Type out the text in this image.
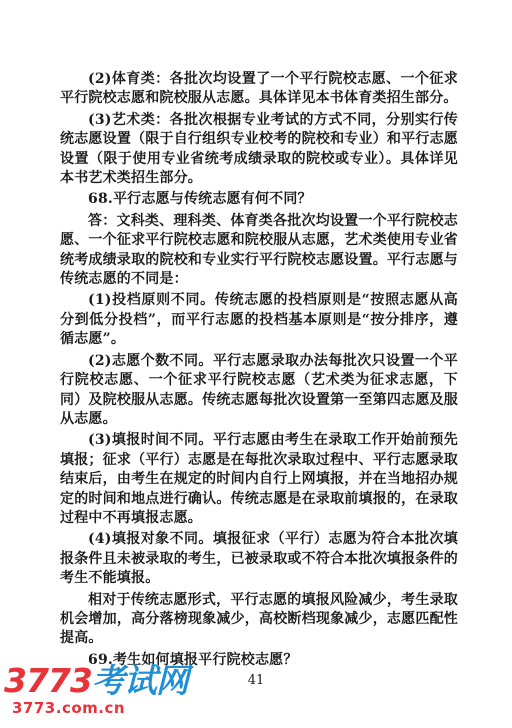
(2)体育类：各批次均设置了一个平行院校志愿、一个征求平行院校志愿和院校服从志愿。具体详见本书体育类招生部分。

(3)艺术类：各批次根据专业考试的方式不同，分别实行传统志愿设置（限于自行组织专业校考的院校和专业）和平行志愿设置（限于使用专业省统考成绩录取的院校或专业）。具体详见本书艺术类招生部分。

68.平行志愿与传统志愿有何不同？

答：文科类、理科类、体育类各批次均设置一个平行院校志愿、一个征求平行院校志愿和院校服从志愿，艺术类使用专业省统考成绩录取的院校和专业实行平行院校志愿设置。平行志愿与传统志愿的不同是：

(1)投档原则不同。传统志愿的投档原则是“按照志愿从高分到低分投档”，而平行志愿的投档基本原则是“按分排序，遵循志愿”。

(2)志愿个数不同。平行志愿录取办法每批次只设置一个平行院校志愿、一个征求平行院校志愿（艺术类为征求志愿，下同）及院校服从志愿。传统志愿每批次设置第一至第四志愿及服从志愿。

(3)填报时间不同。平行志愿由考生在录取工作开始前预先填报；征求（平行）志愿是在每批次录取过程中、平行志愿录取结束后，由考生在规定的时间内自行上网填报，并在当地招办规定的时间和地点进行确认。传统志愿是在录取前填报的，在录取过程中不再填报志愿。

(4)填报对象不同。填报征求（平行）志愿为符合本批次填报条件且未被录取的考生，已被录取或不符合本批次填报条件的考生不能填报。

相对于传统志愿形式，平行志愿的填报风险减少，考生录取机会增加，高分落榜现象减少，高校断档现象减少，志愿匹配性提高。

69.考生如何填报平行院校志愿？

41
3773考试网
3773.com.cn
